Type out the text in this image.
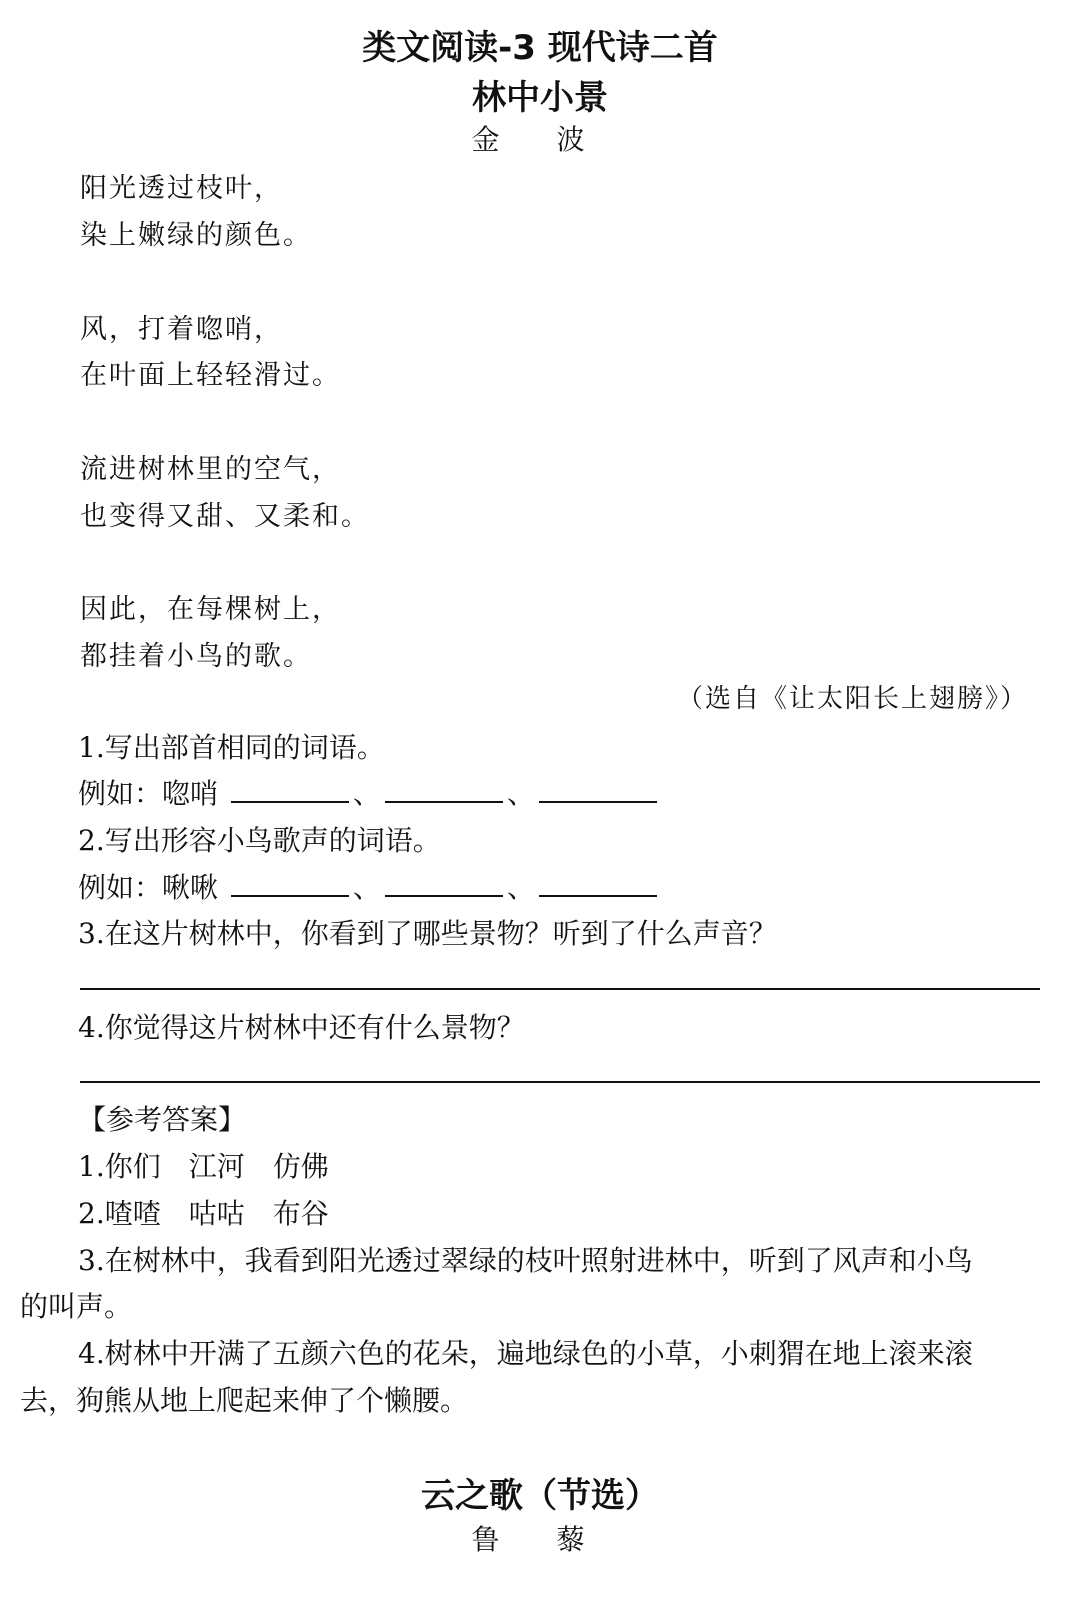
类文阅读-3 现代诗二首
林中小景
金 波
阳光透过枝叶，
染上嫩绿的颜色。
风，打着唿哨，
在叶面上轻轻滑过。
流进树林里的空气，
也变得又甜、又柔和。
因此，在每棵树上，
都挂着小鸟的歌。
（选自《让太阳长上翅膀》）
1.写出部首相同的词语。
例如：唿哨	、	、
2.写出形容小鸟歌声的词语。
例如：啾啾	、	、
3.在这片树林中，你看到了哪些景物？听到了什么声音？
4.你觉得这片树林中还有什么景物？
【参考答案】
1.你们　江河　仿佛
2.喳喳　咕咕　布谷
3.在树林中，我看到阳光透过翠绿的枝叶照射进林中，听到了风声和小鸟
的叫声。
4.树林中开满了五颜六色的花朵，遍地绿色的小草，小刺猬在地上滚来滚
去，狗熊从地上爬起来伸了个懒腰。
云之歌（节选）
鲁 藜
